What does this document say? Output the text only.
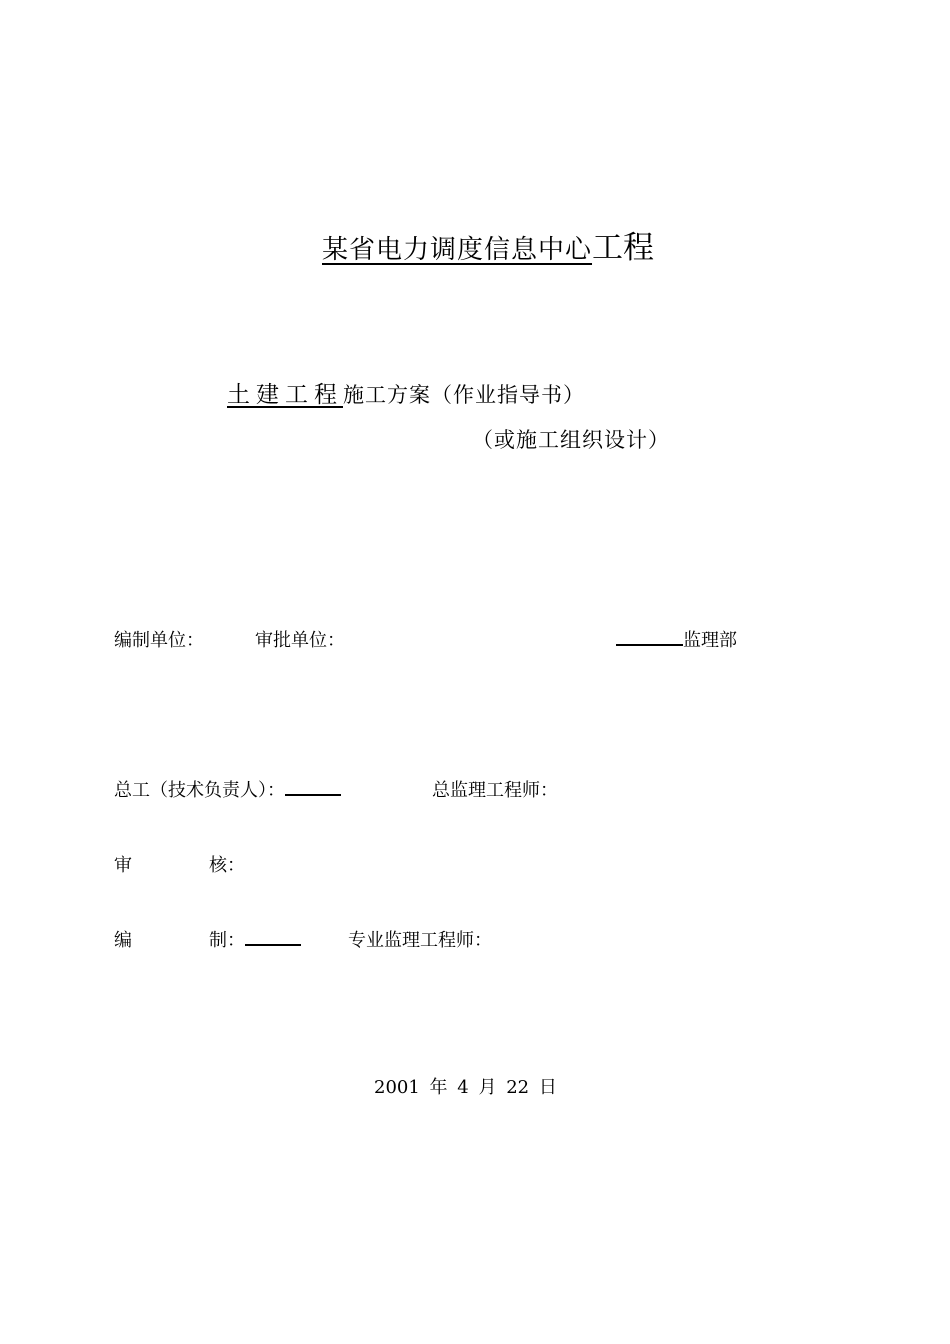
某省电力调度信息中心工程
土建工程施工方案（作业指导书）
（或施工组织设计）
编制单位：	审批单位：	监理部
总工（技术负责人）：	总监理工程师：
审	核：
编	制：	专业监理工程师：
2001 年 4 月 22 日
